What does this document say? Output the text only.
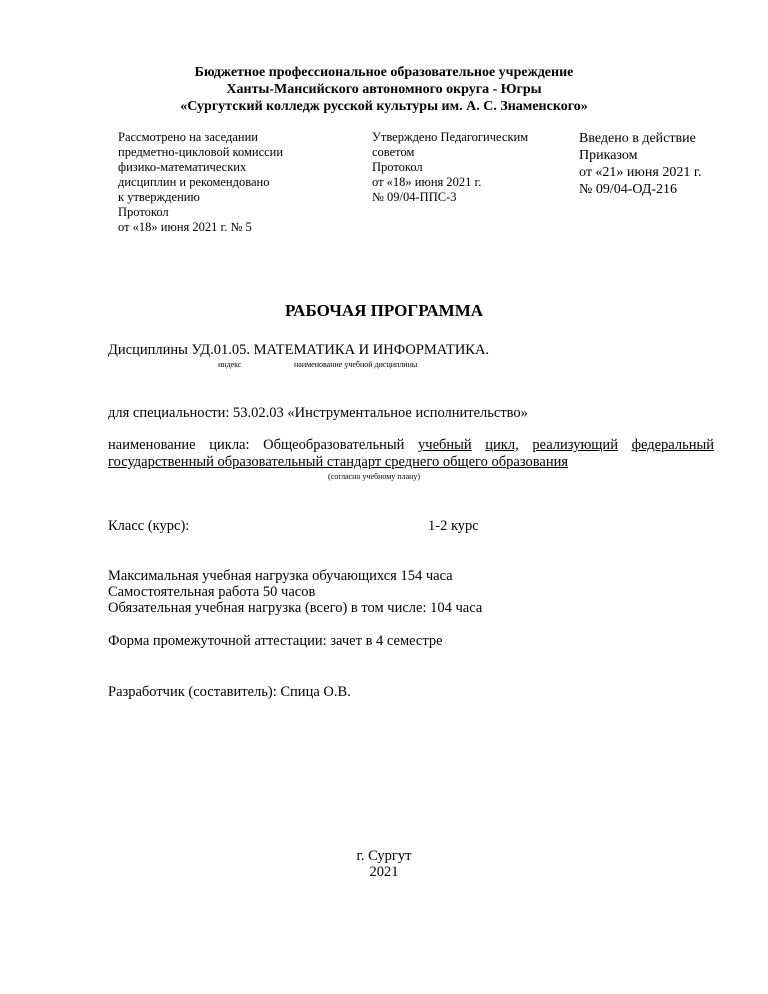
Бюджетное профессиональное образовательное учреждение
Ханты-Мансийского автономного округа - Югры
«Сургутский колледж русской культуры им. А. С. Знаменского»
Рассмотрено на заседании
предметно-цикловой комиссии
физико-математических
дисциплин и рекомендовано
к утверждению
Протокол
от «18» июня 2021 г. № 5
Утверждено Педагогическим
советом
Протокол
от «18» июня 2021 г.
№ 09/04-ППС-3
Введено в действие
Приказом
от «21» июня 2021 г.
№ 09/04-ОД-216
РАБОЧАЯ ПРОГРАММА
Дисциплины УД.01.05. МАТЕМАТИКА И ИНФОРМАТИКА.
индекс	наименование учебной дисциплины
для специальности: 53.02.03 «Инструментальное исполнительство»
наименование цикла: Общеобразовательный учебный цикл, реализующий федеральный
государственный образовательный стандарт среднего общего образования
(согласно учебному плану)
Класс (курс):	1-2 курс
Максимальная учебная нагрузка обучающихся 154 часа
Самостоятельная работа 50 часов
Обязательная учебная нагрузка (всего) в том числе: 104 часа
Форма промежуточной аттестации: зачет в 4 семестре
Разработчик (составитель): Спица О.В.
г. Сургут
2021
